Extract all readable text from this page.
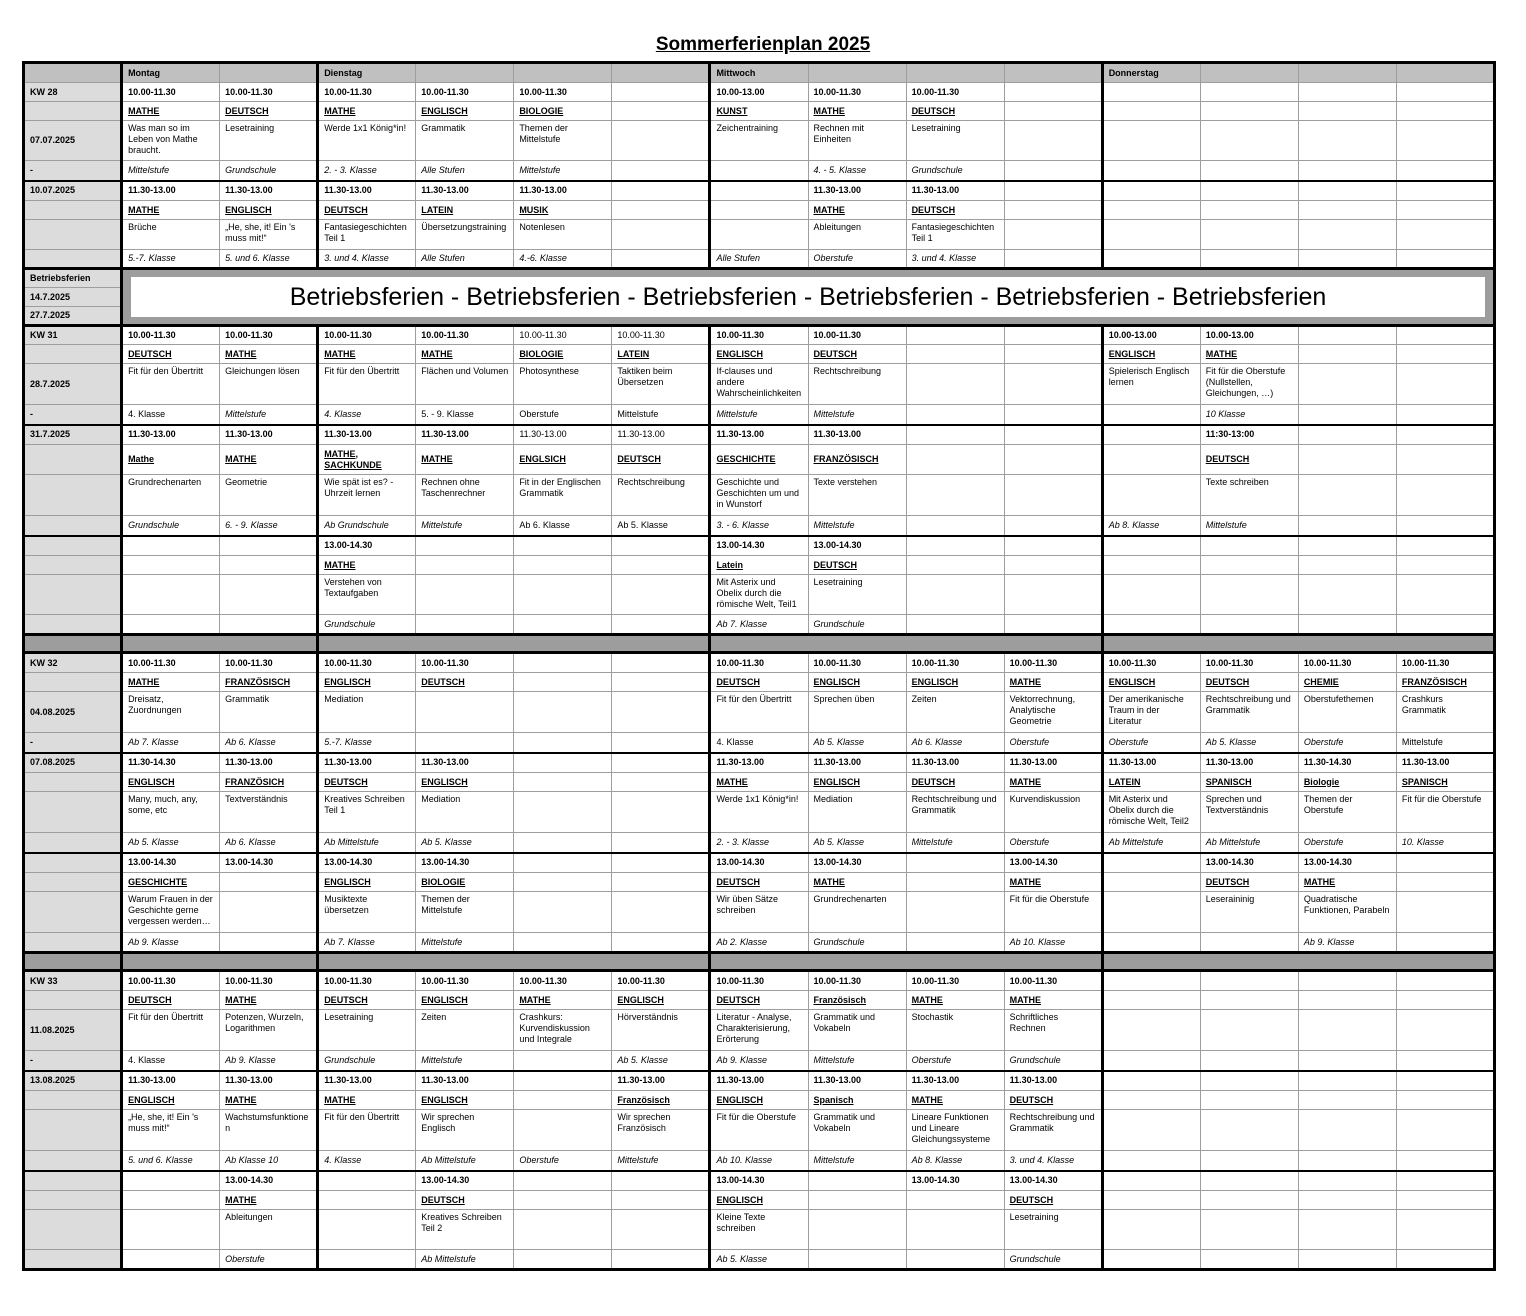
Sommerferienplan 2025
	Montag		Dienstag				Mittwoch				Donnerstag			
KW 28	10.00-11.30	10.00-11.30	10.00-11.30	10.00-11.30	10.00-11.30		10.00-13.00	10.00-11.30	10.00-11.30					
	MATHE	DEUTSCH	MATHE	ENGLISCH	BIOLOGIE		KUNST	MATHE	DEUTSCH					
07.07.2025	Was man so im Leben von Mathe braucht.	Lesetraining	Werde 1x1 König*in!	Grammatik	Themen der Mittelstufe		Zeichentraining	Rechnen mit Einheiten	Lesetraining					
-	Mittelstufe	Grundschule	2. - 3. Klasse	Alle Stufen	Mittelstufe			4. - 5. Klasse	Grundschule					
10.07.2025	11.30-13.00	11.30-13.00	11.30-13.00	11.30-13.00	11.30-13.00			11.30-13.00	11.30-13.00					
	MATHE	ENGLISCH	DEUTSCH	LATEIN	MUSIK			MATHE	DEUTSCH					
	Brüche	„He, she, it! Ein 's muss mit!“	Fantasiegeschichten Teil 1	Übersetzungstraining	Notenlesen			Ableitungen	Fantasiegeschichten Teil 1					
	5.-7. Klasse	5. und 6. Klasse	3. und 4. Klasse	Alle Stufen	4.-6. Klasse		Alle Stufen	Oberstufe	3. und 4. Klasse					
Betriebsferien	Betriebsferien - Betriebsferien - Betriebsferien - Betriebsferien - Betriebsferien - Betriebsferien													

14.7.2025														
27.7.2025														
KW 31	10.00-11.30	10.00-11.30	10.00-11.30	10.00-11.30	10.00-11.30	10.00-11.30	10.00-11.30	10.00-11.30			10.00-13.00	10.00-13.00		
	DEUTSCH	MATHE	MATHE	MATHE	BIOLOGIE	LATEIN	ENGLISCH	DEUTSCH			ENGLISCH	MATHE		
28.7.2025	Fit für den Übertritt	Gleichungen lösen	Fit für den Übertritt	Flächen und Volumen	Photosynthese	Taktiken beim Übersetzen	If-clauses und andere Wahrscheinlichkeiten	Rechtschreibung			Spielerisch Englisch lernen	Fit für die Oberstufe (Nullstellen, Gleichungen, …)		
-	4. Klasse	Mittelstufe	4. Klasse	5. - 9. Klasse	Oberstufe	Mittelstufe	Mittelstufe	Mittelstufe				10 Klasse		
31.7.2025	11.30-13.00	11.30-13.00	11.30-13.00	11.30-13.00	11.30-13.00	11.30-13.00	11.30-13.00	11.30-13.00				11:30-13:00		
	Mathe	MATHE	MATHE, SACHKUNDE	MATHE	ENGLSICH	DEUTSCH	GESCHICHTE	FRANZÖSISCH				DEUTSCH		
	Grundrechenarten	Geometrie	Wie spät ist es? - Uhrzeit lernen	Rechnen ohne Taschenrechner	Fit in der Englischen Grammatik	Rechtschreibung	Geschichte und Geschichten um und in Wunstorf	Texte verstehen				Texte schreiben		
	Grundschule	6. - 9. Klasse	Ab Grundschule	Mittelstufe	Ab 6. Klasse	Ab 5. Klasse	3. - 6. Klasse	Mittelstufe			Ab 8. Klasse	Mittelstufe		
			13.00-14.30				13.00-14.30	13.00-14.30						
			MATHE				Latein	DEUTSCH						
			Verstehen von Textaufgaben				Mit Asterix und Obelix durch die römische Welt, Teil1	Lesetraining						
			Grundschule				Ab 7. Klasse	Grundschule						

KW 32	10.00-11.30	10.00-11.30	10.00-11.30	10.00-11.30			10.00-11.30	10.00-11.30	10.00-11.30	10.00-11.30	10.00-11.30	10.00-11.30	10.00-11.30	10.00-11.30
	MATHE	FRANZÖSISCH	ENGLISCH	DEUTSCH			DEUTSCH	ENGLISCH	ENGLISCH	MATHE	ENGLISCH	DEUTSCH	CHEMIE	FRANZÖSISCH
04.08.2025	Dreisatz, Zuordnungen	Grammatik	Mediation				Fit für den Übertritt	Sprechen üben	Zeiten	Vektorrechnung, Analytische Geometrie	Der amerikanische Traum in der Literatur	Rechtschreibung und Grammatik	Oberstufethemen	Crashkurs Grammatik
-	Ab 7. Klasse	Ab 6. Klasse	5.-7. Klasse				4. Klasse	Ab 5. Klasse	Ab 6. Klasse	Oberstufe	Oberstufe	Ab 5. Klasse	Oberstufe	Mittelstufe
07.08.2025	11.30-14.30	11.30-13.00	11.30-13.00	11.30-13.00			11.30-13.00	11.30-13.00	11.30-13.00	11.30-13.00	11.30-13.00	11.30-13.00	11.30-14.30	11.30-13.00
	ENGLISCH	FRANZÖSICH	DEUTSCH	ENGLISCH			MATHE	ENGLISCH	DEUTSCH	MATHE	LATEIN	SPANISCH	Biologie	SPANISCH
	Many, much, any, some, etc	Textverständnis	Kreatives Schreiben Teil 1	Mediation			Werde 1x1 König*in!	Mediation	Rechtschreibung und Grammatik	Kurvendiskussion	Mit Asterix und Obelix durch die römische Welt, Teil2	Sprechen und Textverständnis	Themen der Oberstufe	Fit für die Oberstufe
	Ab 5. Klasse	Ab 6. Klasse	Ab Mittelstufe	Ab 5. Klasse			2. - 3. Klasse	Ab 5. Klasse	Mittelstufe	Oberstufe	Ab Mittelstufe	Ab Mittelstufe	Oberstufe	10. Klasse
	13.00-14.30	13.00-14.30	13.00-14.30	13.00-14.30			13.00-14.30	13.00-14.30		13.00-14.30		13.00-14.30	13.00-14.30	
	GESCHICHTE		ENGLISCH	BIOLOGIE			DEUTSCH	MATHE		MATHE		DEUTSCH	MATHE	
	Warum Frauen in der Geschichte gerne vergessen werden…		Musiktexte übersetzen	Themen der Mittelstufe			Wir üben Sätze schreiben	Grundrechenarten		Fit für die Oberstufe		Leseraininig	Quadratische Funktionen, Parabeln	
	Ab 9. Klasse		Ab 7. Klasse	Mittelstufe			Ab 2. Klasse	Grundschule		Ab 10. Klasse			Ab 9. Klasse	

KW 33	10.00-11.30	10.00-11.30	10.00-11.30	10.00-11.30	10.00-11.30	10.00-11.30	10.00-11.30	10.00-11.30	10.00-11.30	10.00-11.30				
	DEUTSCH	MATHE	DEUTSCH	ENGLISCH	MATHE	ENGLISCH	DEUTSCH	Französisch	MATHE	MATHE				
11.08.2025	Fit für den Übertritt	Potenzen, Wurzeln, Logarithmen	Lesetraining	Zeiten	Crashkurs: Kurvendiskussion und Integrale	Hörverständnis	Literatur - Analyse, Charakterisierung, Erörterung	Grammatik und Vokabeln	Stochastik	Schriftliches Rechnen				
-	4. Klasse	Ab 9. Klasse	Grundschule	Mittelstufe		Ab 5. Klasse	Ab 9. Klasse	Mittelstufe	Oberstufe	Grundschule				
13.08.2025	11.30-13.00	11.30-13.00	11.30-13.00	11.30-13.00		11.30-13.00	11.30-13.00	11.30-13.00	11.30-13.00	11.30-13.00				
	ENGLISCH	MATHE	MATHE	ENGLISCH		Französisch	ENGLISCH	Spanisch	MATHE	DEUTSCH				
	„He, she, it! Ein 's muss mit!“	Wachstumsfunktione n	Fit für den Übertritt	Wir sprechen Englisch		Wir sprechen Französisch	Fit für die Oberstufe	Grammatik und Vokabeln	Lineare Funktionen und Lineare Gleichungssysteme	Rechtschreibung und Grammatik				
	5. und 6. Klasse	Ab Klasse 10	4. Klasse	Ab Mittelstufe	Oberstufe	Mittelstufe	Ab 10. Klasse	Mittelstufe	Ab 8. Klasse	3. und 4. Klasse				
		13.00-14.30		13.00-14.30			13.00-14.30		13.00-14.30	13.00-14.30				
		MATHE		DEUTSCH			ENGLISCH			DEUTSCH				
		Ableitungen		Kreatives Schreiben Teil 2			Kleine Texte schreiben			Lesetraining				
		Oberstufe		Ab Mittelstufe			Ab 5. Klasse			Grundschule				
